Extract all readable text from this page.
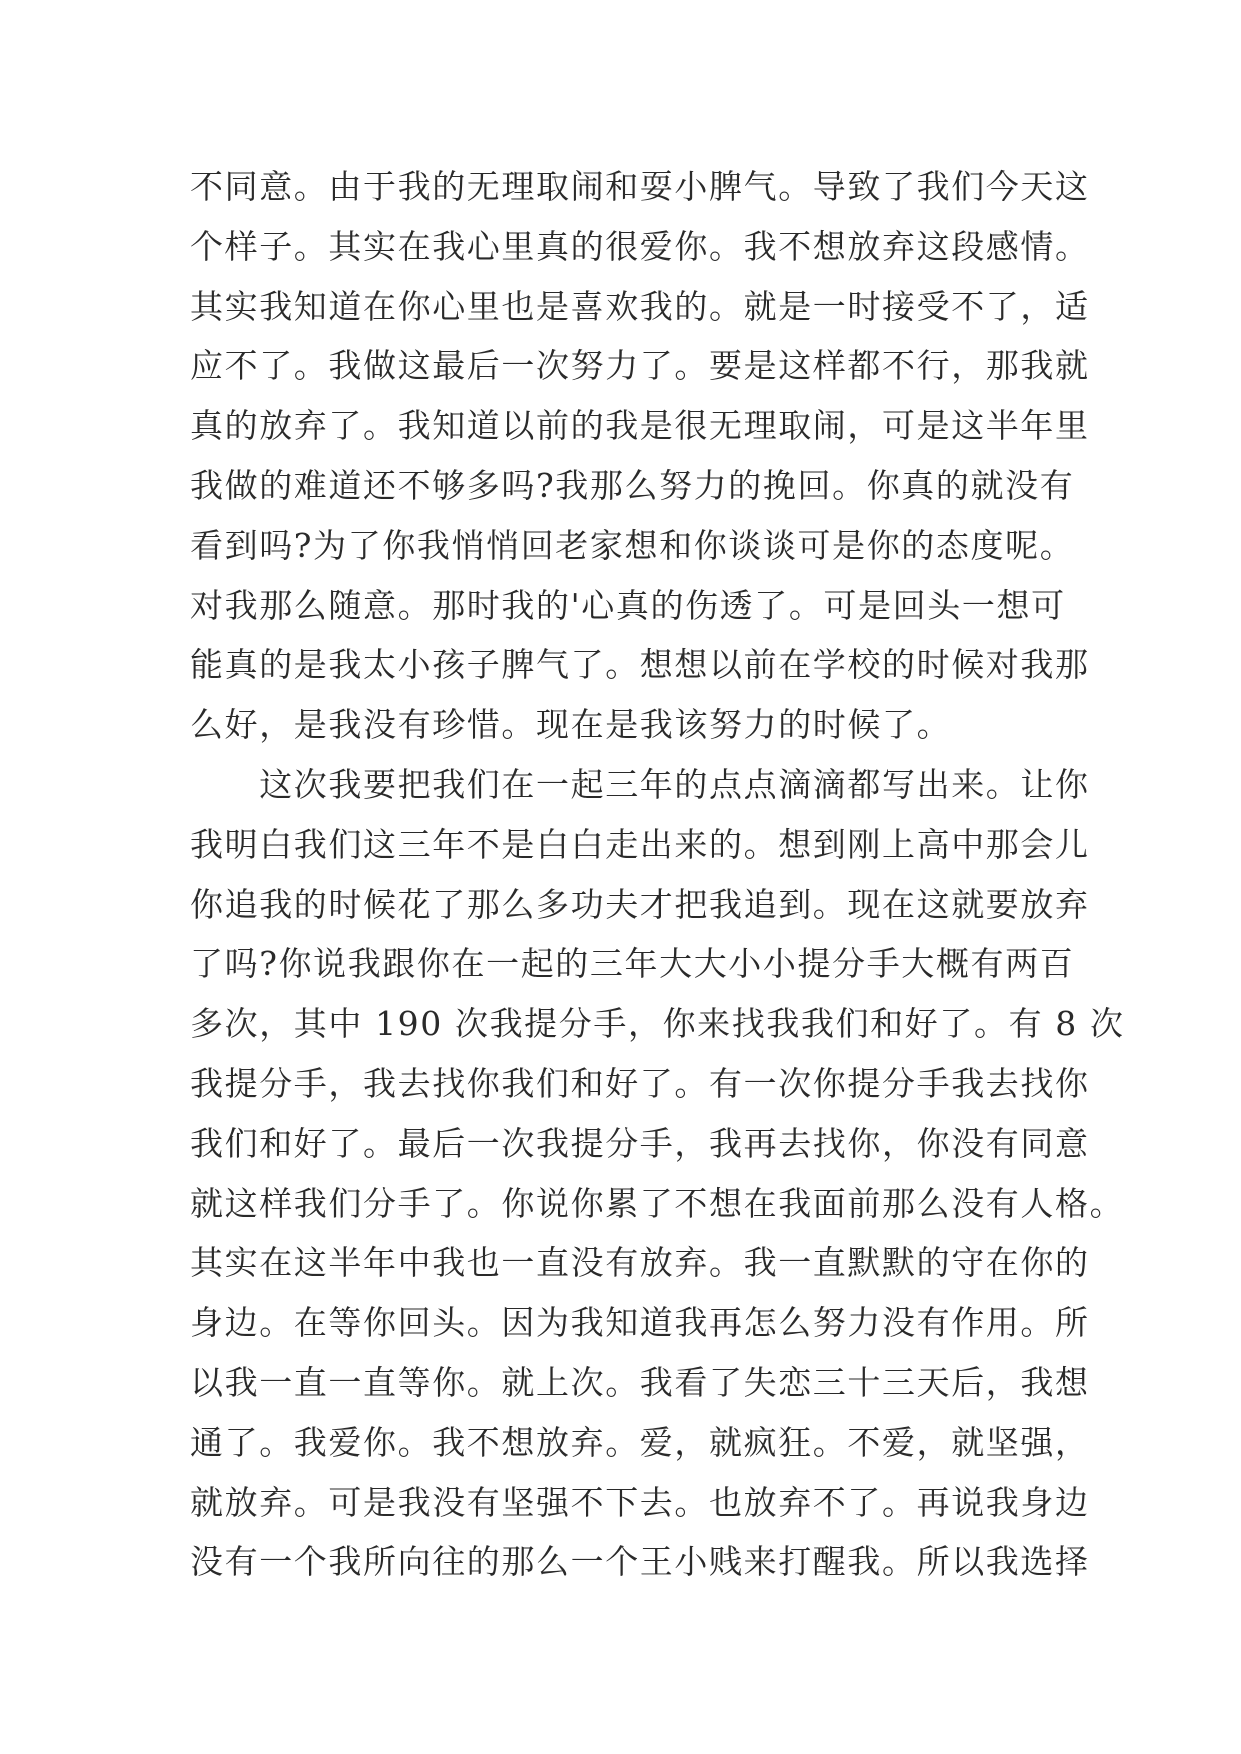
不同意。由于我的无理取闹和耍小脾气。导致了我们今天这
个样子。其实在我心里真的很爱你。我不想放弃这段感情。
其实我知道在你心里也是喜欢我的。就是一时接受不了，适
应不了。我做这最后一次努力了。要是这样都不行，那我就
真的放弃了。我知道以前的我是很无理取闹，可是这半年里
我做的难道还不够多吗?我那么努力的挽回。你真的就没有
看到吗?为了你我悄悄回老家想和你谈谈可是你的态度呢。
对我那么随意。那时我的'心真的伤透了。可是回头一想可
能真的是我太小孩子脾气了。想想以前在学校的时候对我那
么好，是我没有珍惜。现在是我该努力的时候了。
　　这次我要把我们在一起三年的点点滴滴都写出来。让你
我明白我们这三年不是白白走出来的。想到刚上高中那会儿
你追我的时候花了那么多功夫才把我追到。现在这就要放弃
了吗?你说我跟你在一起的三年大大小小提分手大概有两百
多次，其中 190 次我提分手，你来找我我们和好了。有 8 次
我提分手，我去找你我们和好了。有一次你提分手我去找你
我们和好了。最后一次我提分手，我再去找你，你没有同意
就这样我们分手了。你说你累了不想在我面前那么没有人格。
其实在这半年中我也一直没有放弃。我一直默默的守在你的
身边。在等你回头。因为我知道我再怎么努力没有作用。所
以我一直一直等你。就上次。我看了失恋三十三天后，我想
通了。我爱你。我不想放弃。爱，就疯狂。不爱，就坚强，
就放弃。可是我没有坚强不下去。也放弃不了。再说我身边
没有一个我所向往的那么一个王小贱来打醒我。所以我选择
